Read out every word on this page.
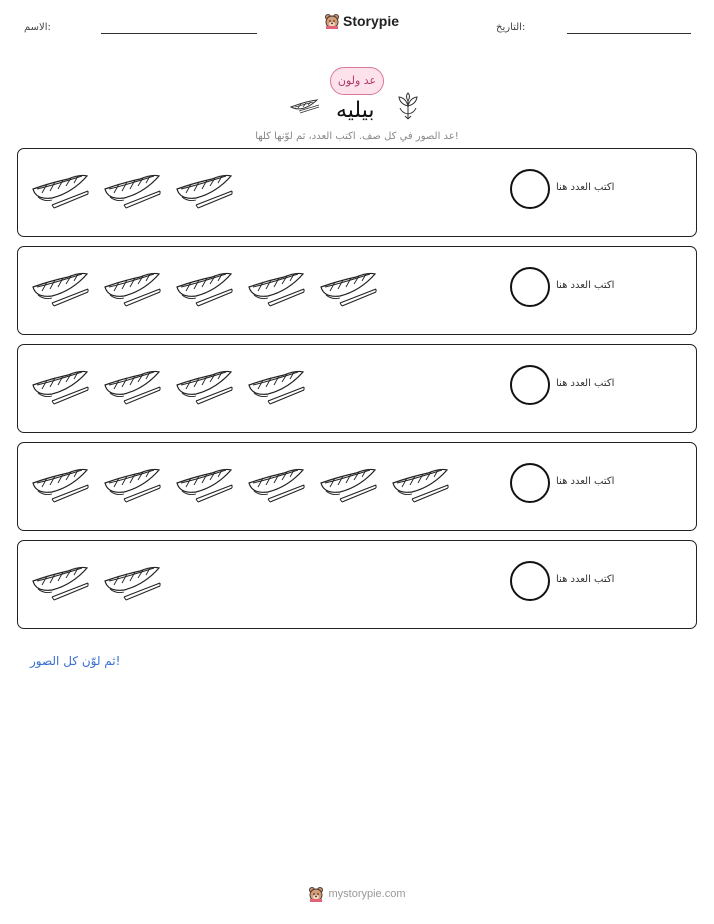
الاسم:	Storypie	التاريخ:
عد ولون
بيليه
عد الصور في كل صف. اكتب العدد، ثم لوّنها كلها!
اكتب العدد هنا
اكتب العدد هنا
اكتب العدد هنا
اكتب العدد هنا
اكتب العدد هنا
ثم لوّن كل الصور!
mystorypie.com
